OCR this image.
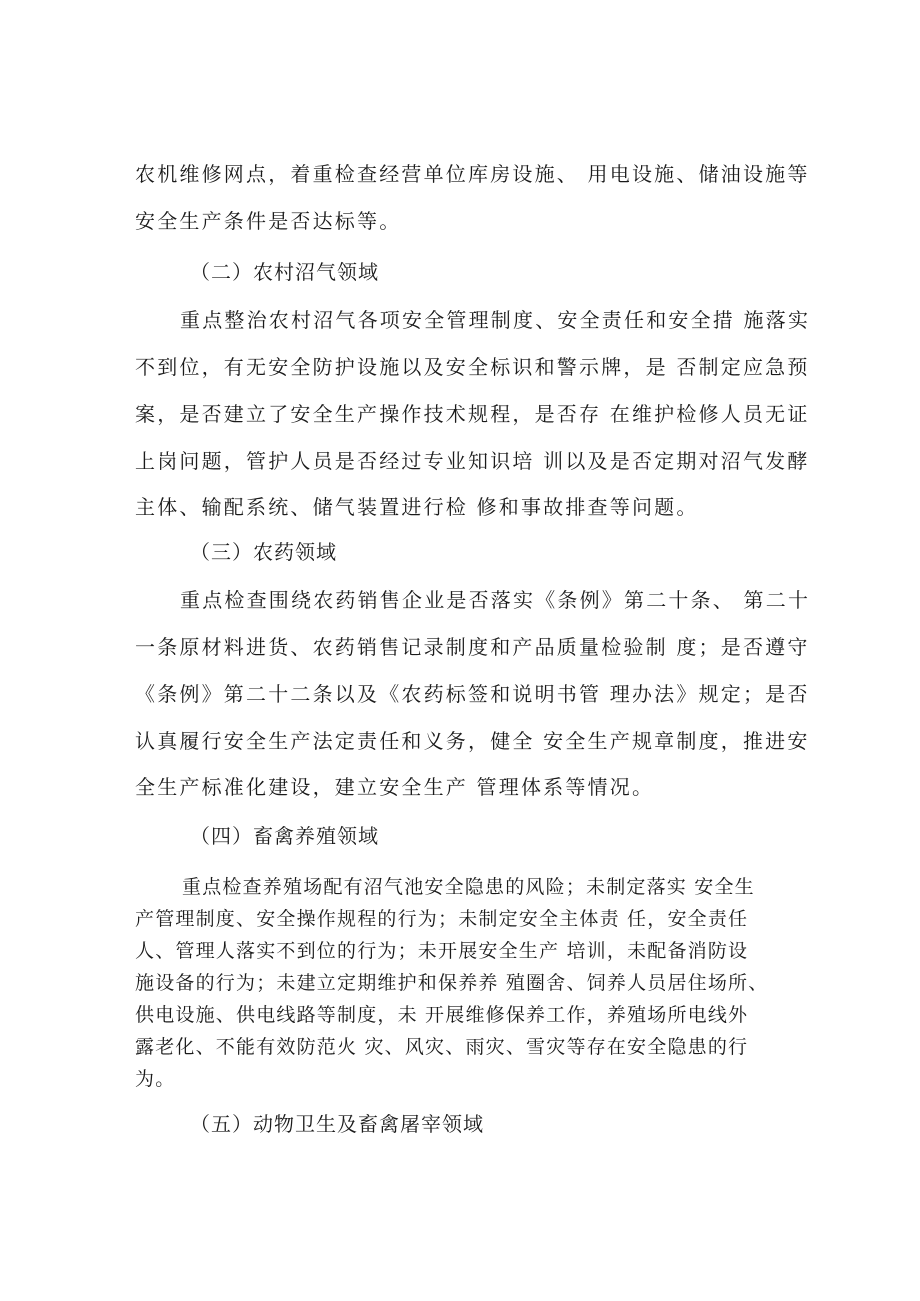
农机维修网点，着重检查经营单位库房设施、 用电设施、储油设施等
安全生产条件是否达标等。
（二）农村沼气领域
重点整治农村沼气各项安全管理制度、安全责任和安全措 施落实
不到位，有无安全防护设施以及安全标识和警示牌，是 否制定应急预
案，是否建立了安全生产操作技术规程，是否存 在维护检修人员无证
上岗问题，管护人员是否经过专业知识培 训以及是否定期对沼气发酵
主体、输配系统、储气装置进行检 修和事故排查等问题。
（三）农药领域
重点检查围绕农药销售企业是否落实《条例》第二十条、 第二十
一条原材料进货、农药销售记录制度和产品质量检验制 度；是否遵守
《条例》第二十二条以及《农药标签和说明书管 理办法》规定；是否
认真履行安全生产法定责任和义务，健全 安全生产规章制度，推进安
全生产标准化建设，建立安全生产 管理体系等情况。
（四）畜禽养殖领域
重点检查养殖场配有沼气池安全隐患的风险；未制定落实 安全生
产管理制度、安全操作规程的行为；未制定安全主体责 任，安全责任
人、管理人落实不到位的行为；未开展安全生产 培训，未配备消防设
施设备的行为；未建立定期维护和保养养 殖圈舍、饲养人员居住场所、
供电设施、供电线路等制度，未 开展维修保养工作，养殖场所电线外
露老化、不能有效防范火 灾、风灾、雨灾、雪灾等存在安全隐患的行
为。
（五）动物卫生及畜禽屠宰领域
